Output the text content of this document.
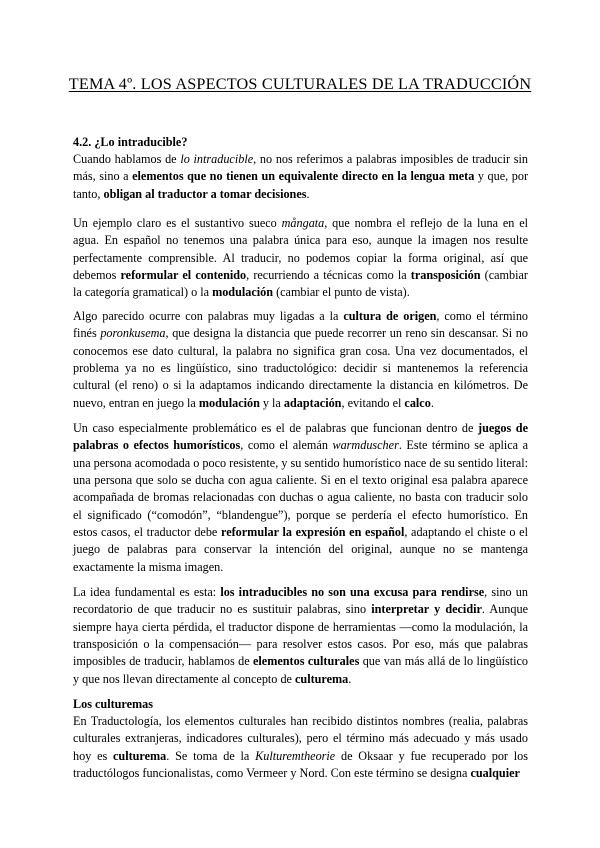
TEMA 4º. LOS ASPECTOS CULTURALES DE LA TRADUCCIÓN
4.2. ¿Lo intraducible?
Cuando hablamos de lo intraducible, no nos referimos a palabras imposibles de traducir sin más, sino a elementos que no tienen un equivalente directo en la lengua meta y que, por tanto, obligan al traductor a tomar decisiones.
Un ejemplo claro es el sustantivo sueco mångata, que nombra el reflejo de la luna en el agua. En español no tenemos una palabra única para eso, aunque la imagen nos resulte perfectamente comprensible. Al traducir, no podemos copiar la forma original, así que debemos reformular el contenido, recurriendo a técnicas como la transposición (cambiar la categoría gramatical) o la modulación (cambiar el punto de vista).
Algo parecido ocurre con palabras muy ligadas a la cultura de origen, como el término finés poronkusema, que designa la distancia que puede recorrer un reno sin descansar. Si no conocemos ese dato cultural, la palabra no significa gran cosa. Una vez documentados, el problema ya no es lingüístico, sino traductológico: decidir si mantenemos la referencia cultural (el reno) o si la adaptamos indicando directamente la distancia en kilómetros. De nuevo, entran en juego la modulación y la adaptación, evitando el calco.
Un caso especialmente problemático es el de palabras que funcionan dentro de juegos de palabras o efectos humorísticos, como el alemán warmduscher. Este término se aplica a una persona acomodada o poco resistente, y su sentido humorístico nace de su sentido literal: una persona que solo se ducha con agua caliente. Si en el texto original esa palabra aparece acompañada de bromas relacionadas con duchas o agua caliente, no basta con traducir solo el significado (“comodón”, “blandengue”), porque se perdería el efecto humorístico. En estos casos, el traductor debe reformular la expresión en español, adaptando el chiste o el juego de palabras para conservar la intención del original, aunque no se mantenga exactamente la misma imagen.
La idea fundamental es esta: los intraducibles no son una excusa para rendirse, sino un recordatorio de que traducir no es sustituir palabras, sino interpretar y decidir. Aunque siempre haya cierta pérdida, el traductor dispone de herramientas —como la modulación, la transposición o la compensación— para resolver estos casos. Por eso, más que palabras imposibles de traducir, hablamos de elementos culturales que van más allá de lo lingüístico y que nos llevan directamente al concepto de culturema.
Los culturemas
En Traductología, los elementos culturales han recibido distintos nombres (realia, palabras culturales extranjeras, indicadores culturales), pero el término más adecuado y más usado hoy es culturema. Se toma de la Kulturemtheorie de Oksaar y fue recuperado por los traductólogos funcionalistas, como Vermeer y Nord. Con este término se designa cualquier
